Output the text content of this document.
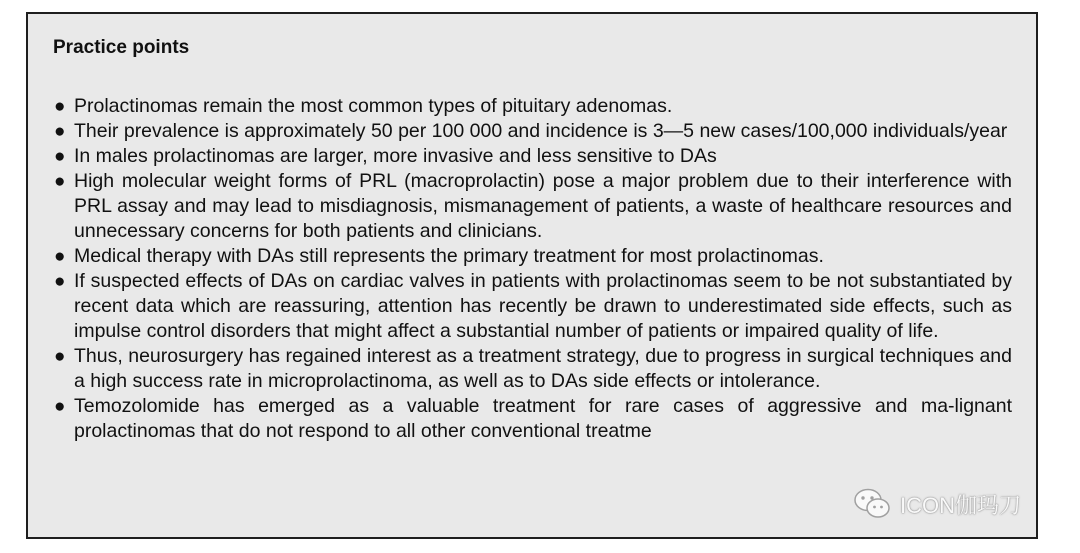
Practice points
● Prolactinomas remain the most common types of pituitary adenomas.
● Their prevalence is approximately 50 per 100 000 and incidence is 3—5 new cases/100,000 individuals/year
● In males prolactinomas are larger, more invasive and less sensitive to DAs
● High molecular weight forms of PRL (macroprolactin) pose a major problem due to their interference with PRL assay and may lead to misdiagnosis, mismanagement of patients, a waste of healthcare resources and unnecessary concerns for both patients and clinicians.
● Medical therapy with DAs still represents the primary treatment for most prolactinomas.
● If suspected effects of DAs on cardiac valves in patients with prolactinomas seem to be not substantiated by recent data which are reassuring, attention has recently be drawn to underestimated side effects, such as impulse control disorders that might affect a substantial number of patients or impaired quality of life.
● Thus, neurosurgery has regained interest as a treatment strategy, due to progress in surgical techniques and a high success rate in microprolactinoma, as well as to DAs side effects or intolerance.
● Temozolomide has emerged as a valuable treatment for rare cases of aggressive and ma-lignant prolactinomas that do not respond to all other conventional treatme
ICON伽玛刀
